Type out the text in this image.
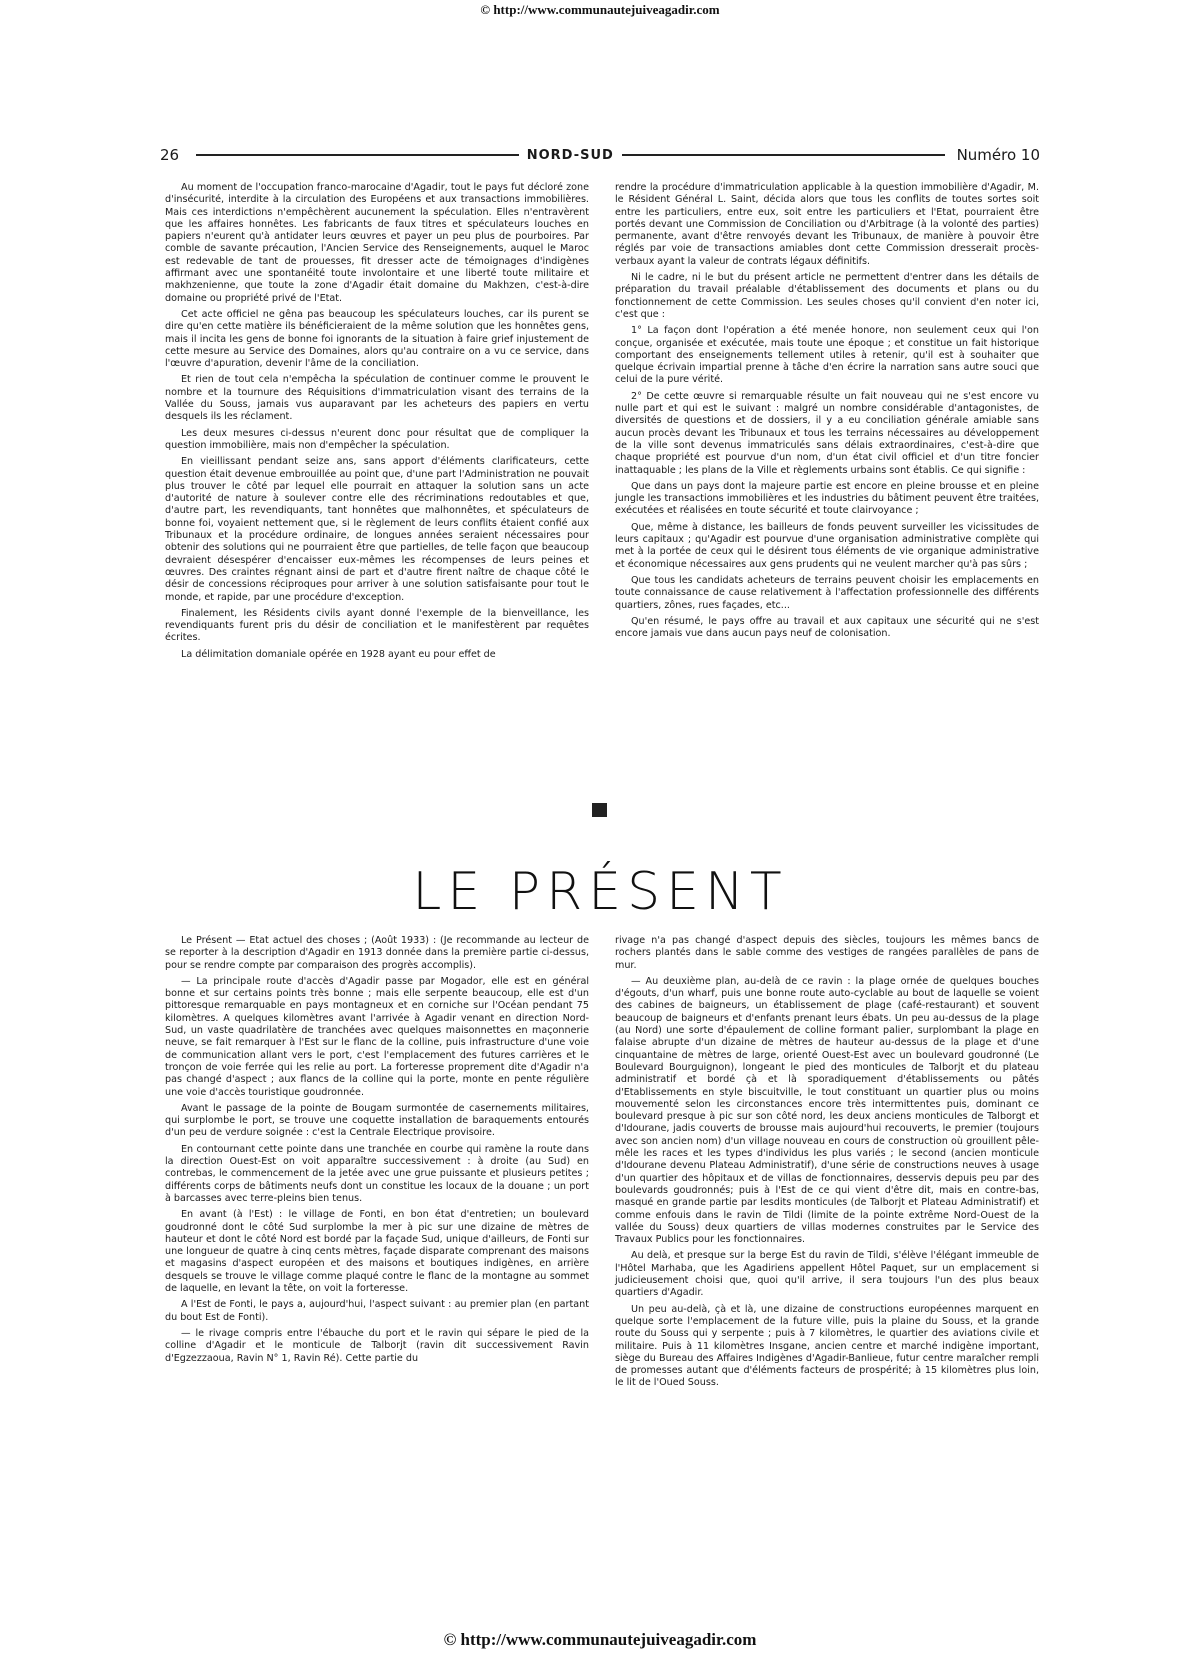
© http://www.communautejuiveagadir.com
26	NORD-SUD	Numéro 10

Au moment de l'occupation franco-marocaine d'Agadir, tout le pays fut décloré zone d'insécurité, interdite à la circulation des Européens et aux transactions immobilières. Mais ces interdictions n'empêchèrent aucunement la spéculation. Elles n'entravèrent que les affaires honnêtes. Les fabricants de faux titres et spéculateurs louches en papiers n'eurent qu'à antidater leurs œuvres et payer un peu plus de pourboires. Par comble de savante précaution, l'Ancien Service des Renseignements, auquel le Maroc est redevable de tant de prouesses, fit dresser acte de témoignages d'indigènes affirmant avec une spontanéité toute involontaire et une liberté toute militaire et makhzenienne, que toute la zone d'Agadir était domaine du Makhzen, c'est-à-dire domaine ou propriété privé de l'Etat.

Cet acte officiel ne gêna pas beaucoup les spéculateurs louches, car ils purent se dire qu'en cette matière ils bénéficieraient de la même solution que les honnêtes gens, mais il incita les gens de bonne foi ignorants de la situation à faire grief injustement de cette mesure au Service des Domaines, alors qu'au contraire on a vu ce service, dans l'œuvre d'apuration, devenir l'âme de la conciliation.

Et rien de tout cela n'empêcha la spéculation de continuer comme le prouvent le nombre et la tournure des Réquisitions d'immatriculation visant des terrains de la Vallée du Souss, jamais vus auparavant par les acheteurs des papiers en vertu desquels ils les réclament.

Les deux mesures ci-dessus n'eurent donc pour résultat que de compliquer la question immobilière, mais non d'empêcher la spéculation.

En vieillissant pendant seize ans, sans apport d'éléments clarificateurs, cette question était devenue embrouillée au point que, d'une part l'Administration ne pouvait plus trouver le côté par lequel elle pourrait en attaquer la solution sans un acte d'autorité de nature à soulever contre elle des récriminations redoutables et que, d'autre part, les revendiquants, tant honnêtes que malhonnêtes, et spéculateurs de bonne foi, voyaient nettement que, si le règlement de leurs conflits étaient confié aux Tribunaux et la procédure ordinaire, de longues années seraient nécessaires pour obtenir des solutions qui ne pourraient être que partielles, de telle façon que beaucoup devraient désespérer d'encaisser eux-mêmes les récompenses de leurs peines et œuvres. Des craintes régnant ainsi de part et d'autre firent naître de chaque côté le désir de concessions réciproques pour arriver à une solution satisfaisante pour tout le monde, et rapide, par une procédure d'exception.

Finalement, les Résidents civils ayant donné l'exemple de la bienveillance, les revendiquants furent pris du désir de conciliation et le manifestèrent par requêtes écrites.

La délimitation domaniale opérée en 1928 ayant eu pour effet de

rendre la procédure d'immatriculation applicable à la question immobilière d'Agadir, M. le Résident Général L. Saint, décida alors que tous les conflits de toutes sortes soit entre les particuliers, entre eux, soit entre les particuliers et l'Etat, pourraient être portés devant une Commission de Conciliation ou d'Arbitrage (à la volonté des parties) permanente, avant d'être renvoyés devant les Tribunaux, de manière à pouvoir être réglés par voie de transactions amiables dont cette Commission dresserait procès-verbaux ayant la valeur de contrats légaux définitifs.

Ni le cadre, ni le but du présent article ne permettent d'entrer dans les détails de préparation du travail préalable d'établissement des documents et plans ou du fonctionnement de cette Commission. Les seules choses qu'il convient d'en noter ici, c'est que :

1° La façon dont l'opération a été menée honore, non seulement ceux qui l'on conçue, organisée et exécutée, mais toute une époque ; et constitue un fait historique comportant des enseignements tellement utiles à retenir, qu'il est à souhaiter que quelque écrivain impartial prenne à tâche d'en écrire la narration sans autre souci que celui de la pure vérité.

2° De cette œuvre si remarquable résulte un fait nouveau qui ne s'est encore vu nulle part et qui est le suivant : malgré un nombre considérable d'antagonistes, de diversités de questions et de dossiers, il y a eu conciliation générale amiable sans aucun procès devant les Tribunaux et tous les terrains nécessaires au développement de la ville sont devenus immatriculés sans délais extraordinaires, c'est-à-dire que chaque propriété est pourvue d'un nom, d'un état civil officiel et d'un titre foncier inattaquable ; les plans de la Ville et règlements urbains sont établis. Ce qui signifie :

Que dans un pays dont la majeure partie est encore en pleine brousse et en pleine jungle les transactions immobilières et les industries du bâtiment peuvent être traitées, exécutées et réalisées en toute sécurité et toute clairvoyance ;

Que, même à distance, les bailleurs de fonds peuvent surveiller les vicissitudes de leurs capitaux ; qu'Agadir est pourvue d'une organisation administrative complète qui met à la portée de ceux qui le désirent tous éléments de vie organique administrative et économique nécessaires aux gens prudents qui ne veulent marcher qu'à pas sûrs ;

Que tous les candidats acheteurs de terrains peuvent choisir les emplacements en toute connaissance de cause relativement à l'affectation professionnelle des différents quartiers, zônes, rues façades, etc...

Qu'en résumé, le pays offre au travail et aux capitaux une sécurité qui ne s'est encore jamais vue dans aucun pays neuf de colonisation.

LE PRÉSENT

Le Présent — Etat actuel des choses ; (Août 1933) : (Je recommande au lecteur de se reporter à la description d'Agadir en 1913 donnée dans la première partie ci-dessus, pour se rendre compte par comparaison des progrès accomplis).

— La principale route d'accès d'Agadir passe par Mogador, elle est en général bonne et sur certains points très bonne ; mais elle serpente beaucoup, elle est d'un pittoresque remarquable en pays montagneux et en corniche sur l'Océan pendant 75 kilomètres. A quelques kilomètres avant l'arrivée à Agadir venant en direction Nord-Sud, un vaste quadrilatère de tranchées avec quelques maisonnettes en maçonnerie neuve, se fait remarquer à l'Est sur le flanc de la colline, puis infrastructure d'une voie de communication allant vers le port, c'est l'emplacement des futures carrières et le tronçon de voie ferrée qui les relie au port. La forteresse proprement dite d'Agadir n'a pas changé d'aspect ; aux flancs de la colline qui la porte, monte en pente régulière une voie d'accès touristique goudronnée.

Avant le passage de la pointe de Bougam surmontée de casernements militaires, qui surplombe le port, se trouve une coquette installation de baraquements entourés d'un peu de verdure soignée : c'est la Centrale Electrique provisoire.

En contournant cette pointe dans une tranchée en courbe qui ramène la route dans la direction Ouest-Est on voit apparaître successivement : à droite (au Sud) en contrebas, le commencement de la jetée avec une grue puissante et plusieurs petites ; différents corps de bâtiments neufs dont un constitue les locaux de la douane ; un port à barcasses avec terre-pleins bien tenus.

En avant (à l'Est) : le village de Fonti, en bon état d'entretien; un boulevard goudronné dont le côté Sud surplombe la mer à pic sur une dizaine de mètres de hauteur et dont le côté Nord est bordé par la façade Sud, unique d'ailleurs, de Fonti sur une longueur de quatre à cinq cents mètres, façade disparate comprenant des maisons et magasins d'aspect européen et des maisons et boutiques indigènes, en arrière desquels se trouve le village comme plaqué contre le flanc de la montagne au sommet de laquelle, en levant la tête, on voit la forteresse.

A l'Est de Fonti, le pays a, aujourd'hui, l'aspect suivant : au premier plan (en partant du bout Est de Fonti).

— le rivage compris entre l'ébauche du port et le ravin qui sépare le pied de la colline d'Agadir et le monticule de Talborjt (ravin dit successivement Ravin d'Egzezzaoua, Ravin N° 1, Ravin Ré). Cette partie du

rivage n'a pas changé d'aspect depuis des siècles, toujours les mêmes bancs de rochers plantés dans le sable comme des vestiges de rangées parallèles de pans de mur.

— Au deuxième plan, au-delà de ce ravin : la plage ornée de quelques bouches d'égouts, d'un wharf, puis une bonne route auto-cyclable au bout de laquelle se voient des cabines de baigneurs, un établissement de plage (café-restaurant) et souvent beaucoup de baigneurs et d'enfants prenant leurs ébats. Un peu au-dessus de la plage (au Nord) une sorte d'épaulement de colline formant palier, surplombant la plage en falaise abrupte d'un dizaine de mètres de hauteur au-dessus de la plage et d'une cinquantaine de mètres de large, orienté Ouest-Est avec un boulevard goudronné (Le Boulevard Bourguignon), longeant le pied des monticules de Talborjt et du plateau administratif et bordé çà et là sporadiquement d'établissements ou pâtés d'Etablissements en style biscuitville, le tout constituant un quartier plus ou moins mouvementé selon les circonstances encore très intermittentes puis, dominant ce boulevard presque à pic sur son côté nord, les deux anciens monticules de Talborgt et d'Idourane, jadis couverts de brousse mais aujourd'hui recouverts, le premier (toujours avec son ancien nom) d'un village nouveau en cours de construction où grouillent pêle-mêle les races et les types d'individus les plus variés ; le second (ancien monticule d'Idourane devenu Plateau Administratif), d'une série de constructions neuves à usage d'un quartier des hôpitaux et de villas de fonctionnaires, desservis depuis peu par des boulevards goudronnés; puis à l'Est de ce qui vient d'être dit, mais en contre-bas, masqué en grande partie par lesdits monticules (de Talborjt et Plateau Administratif) et comme enfouis dans le ravin de Tildi (limite de la pointe extrême Nord-Ouest de la vallée du Souss) deux quartiers de villas modernes construites par le Service des Travaux Publics pour les fonctionnaires.

Au delà, et presque sur la berge Est du ravin de Tildi, s'élève l'élégant immeuble de l'Hôtel Marhaba, que les Agadiriens appellent Hôtel Paquet, sur un emplacement si judicieusement choisi que, quoi qu'il arrive, il sera toujours l'un des plus beaux quartiers d'Agadir.

Un peu au-delà, çà et là, une dizaine de constructions européennes marquent en quelque sorte l'emplacement de la future ville, puis la plaine du Souss, et la grande route du Souss qui y serpente ; puis à 7 kilomètres, le quartier des aviations civile et militaire. Puis à 11 kilomètres Insgane, ancien centre et marché indigène important, siège du Bureau des Affaires Indigènes d'Agadir-Banlieue, futur centre maraîcher rempli de promesses autant que d'éléments facteurs de prospérité; à 15 kilomètres plus loin, le lit de l'Oued Souss.

© http://www.communautejuiveagadir.com
